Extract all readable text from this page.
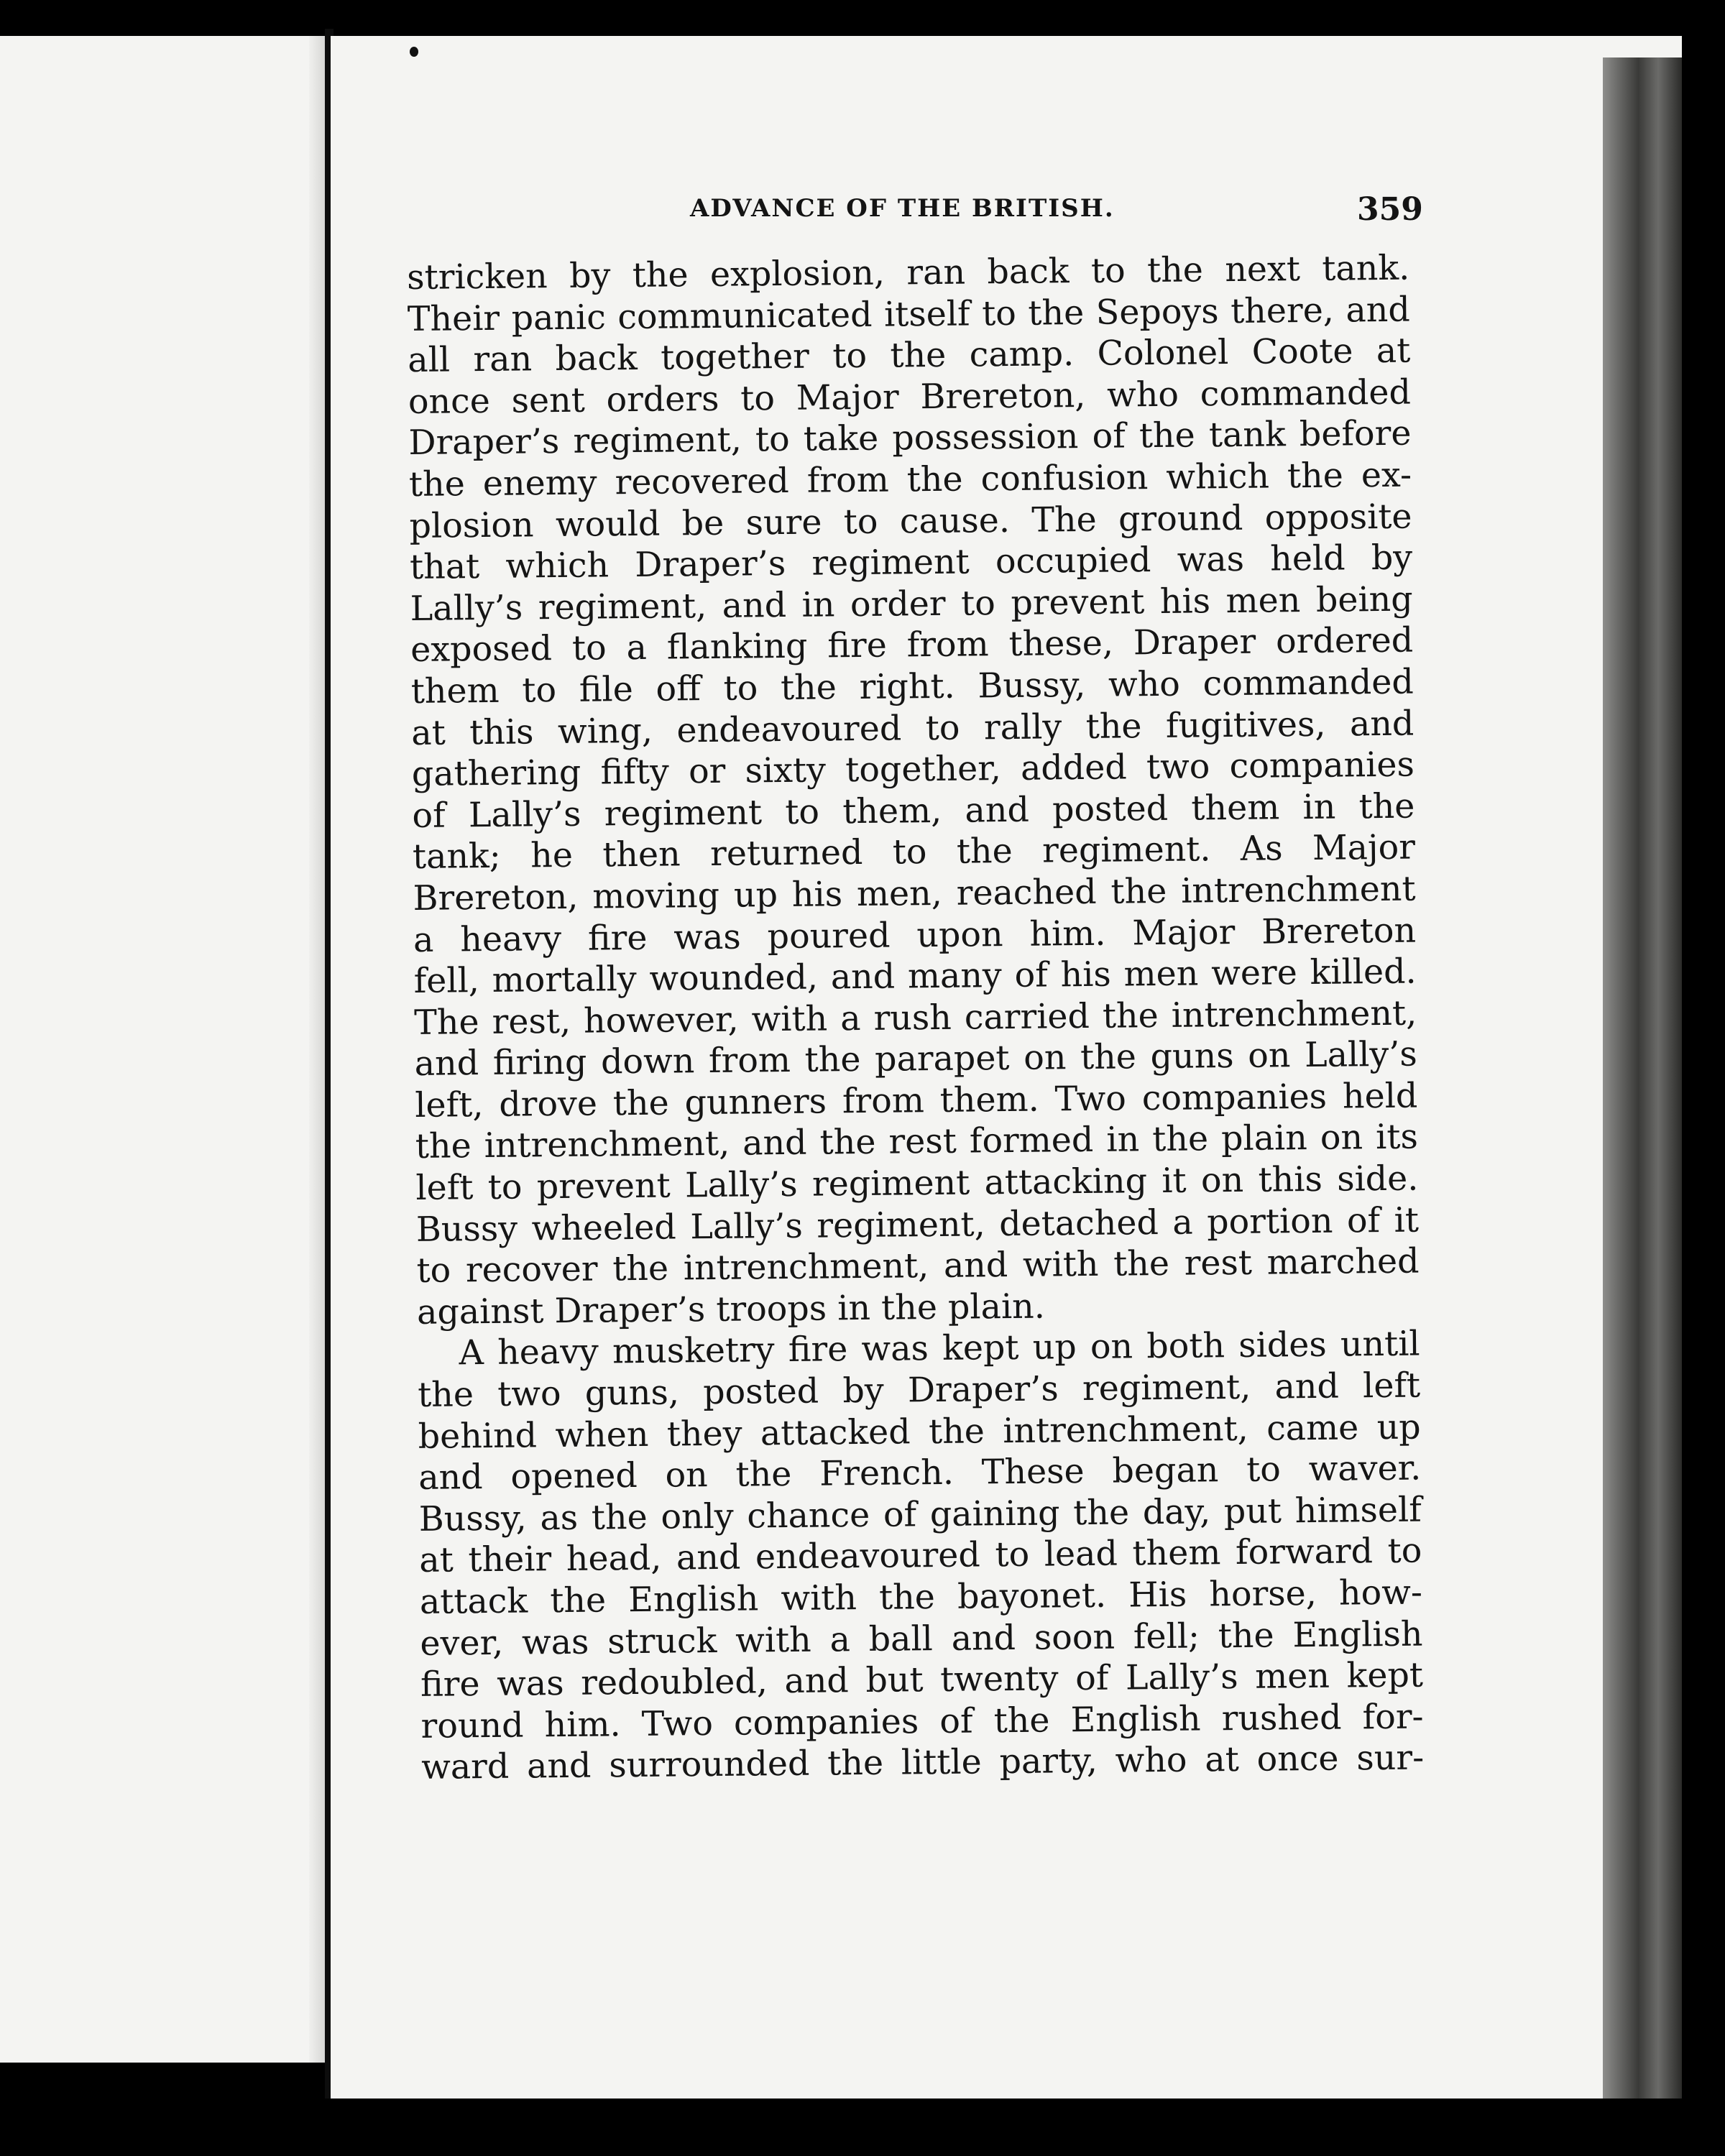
ADVANCE OF THE BRITISH.	359
stricken by the explosion, ran back to the next tank.
Their panic communicated itself to the Sepoys there, and
all ran back together to the camp. Colonel Coote at
once sent orders to Major Brereton, who commanded
Draper’s regiment, to take possession of the tank before
the enemy recovered from the confusion which the ex-
plosion would be sure to cause. The ground opposite
that which Draper’s regiment occupied was held by
Lally’s regiment, and in order to prevent his men being
exposed to a flanking fire from these, Draper ordered
them to file off to the right. Bussy, who commanded
at this wing, endeavoured to rally the fugitives, and
gathering fifty or sixty together, added two companies
of Lally’s regiment to them, and posted them in the
tank; he then returned to the regiment. As Major
Brereton, moving up his men, reached the intrenchment
a heavy fire was poured upon him. Major Brereton
fell, mortally wounded, and many of his men were killed.
The rest, however, with a rush carried the intrenchment,
and firing down from the parapet on the guns on Lally’s
left, drove the gunners from them. Two companies held
the intrenchment, and the rest formed in the plain on its
left to prevent Lally’s regiment attacking it on this side.
Bussy wheeled Lally’s regiment, detached a portion of it
to recover the intrenchment, and with the rest marched
against Draper’s troops in the plain.
A heavy musketry fire was kept up on both sides until
the two guns, posted by Draper’s regiment, and left
behind when they attacked the intrenchment, came up
and opened on the French. These began to waver.
Bussy, as the only chance of gaining the day, put himself
at their head, and endeavoured to lead them forward to
attack the English with the bayonet. His horse, how-
ever, was struck with a ball and soon fell; the English
fire was redoubled, and but twenty of Lally’s men kept
round him. Two companies of the English rushed for-
ward and surrounded the little party, who at once sur-
